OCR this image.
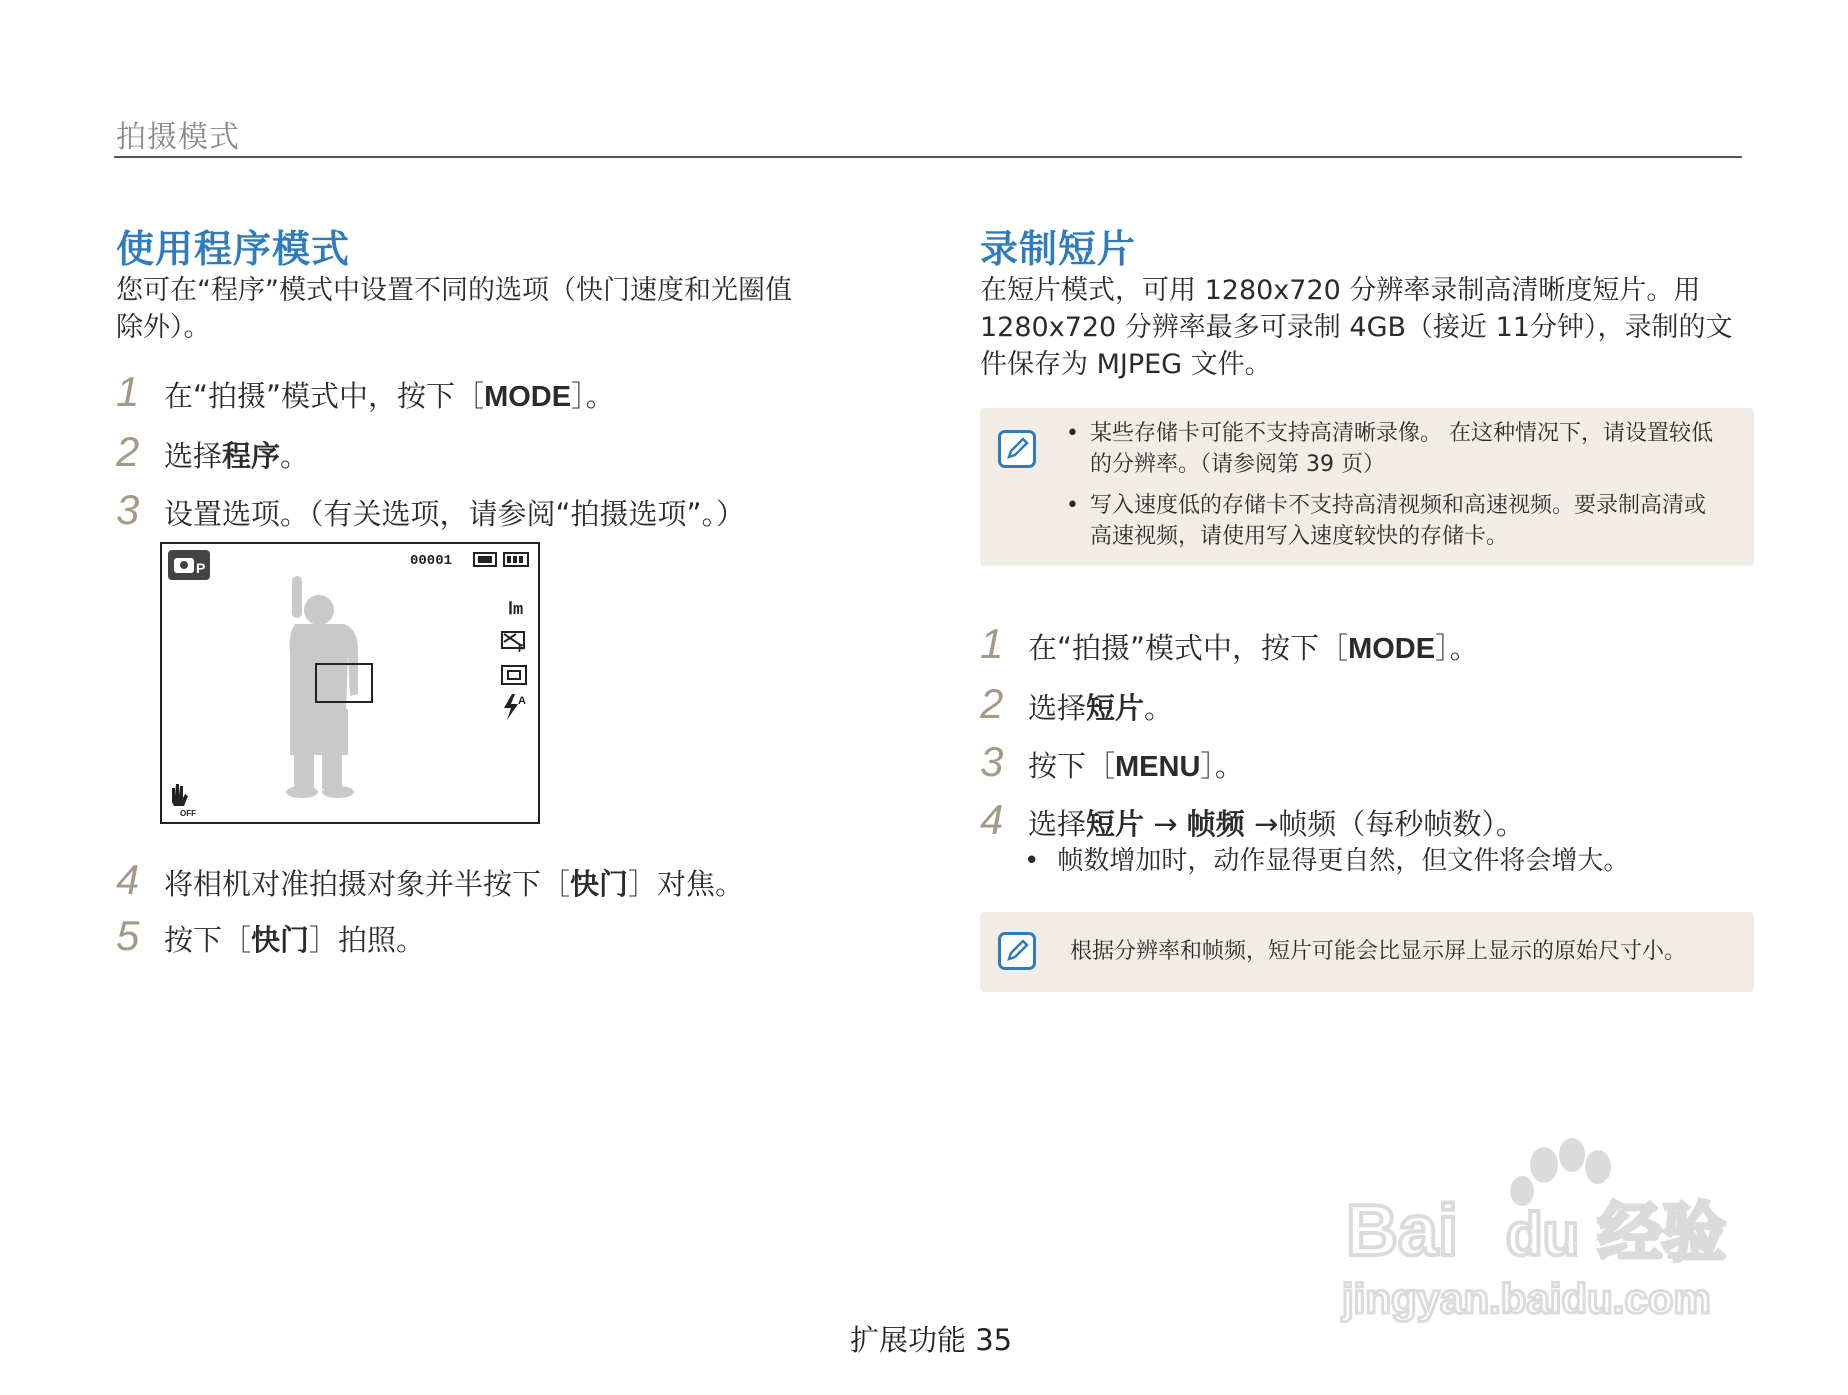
拍摄模式
使用程序模式
您可在“程序”模式中设置不同的选项（快门速度和光圈值
除外）。
1 在“拍摄”模式中，按下［MODE］。
2 选择程序。
3 设置选项。（有关选项，请参阅“拍摄选项”。）
P	00001
Ⅰm
F
A
OFF
4 将相机对准拍摄对象并半按下［快门］对焦。
5 按下［快门］拍照。
录制短片
在短片模式，可用 1280x720 分辨率录制高清晰度短片。用
1280x720 分辨率最多可录制 4GB（接近 11分钟），录制的文
件保存为 MJPEG 文件。
• 某些存储卡可能不支持高清晰录像。 在这种情况下，请设置较低
的分辨率。（请参阅第 39 页）
• 写入速度低的存储卡不支持高清视频和高速视频。要录制高清或
高速视频，请使用写入速度较快的存储卡。
1 在“拍摄”模式中，按下［MODE］。
2 选择短片。
3 按下［MENU］。
4 选择短片 → 帧频 →帧频（每秒帧数）。
• 帧数增加时，动作显得更自然，但文件将会增大。
根据分辨率和帧频，短片可能会比显示屏上显示的原始尺寸小。
扩展功能 35
Bai du 经验
jingyan.baidu.com
